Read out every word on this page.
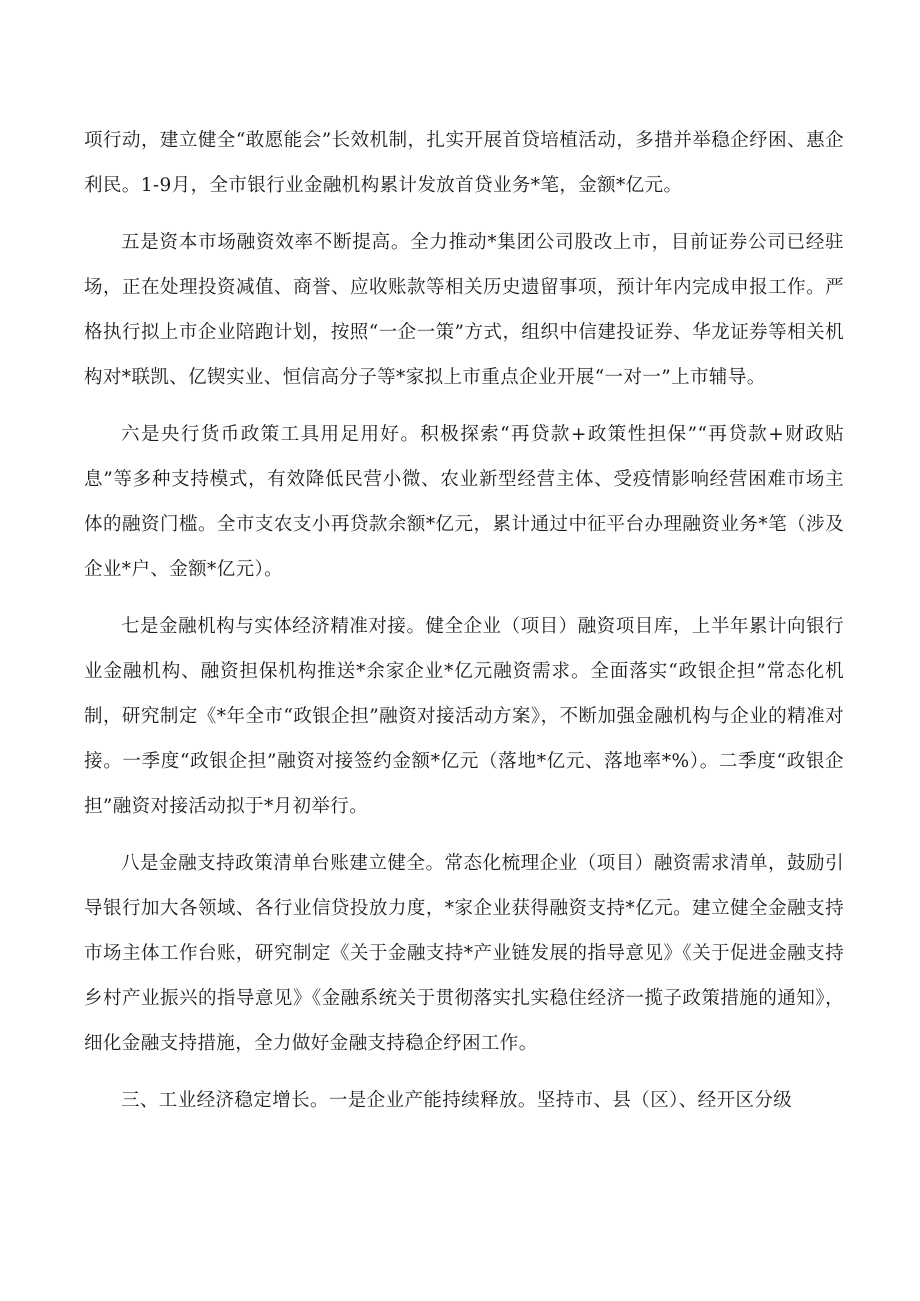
项行动，建立健全“敢愿能会”长效机制，扎实开展首贷培植活动，多措并举稳企纾困、惠企利民。1-9月，全市银行业金融机构累计发放首贷业务*笔，金额*亿元。

五是资本市场融资效率不断提高。全力推动*集团公司股改上市，目前证券公司已经驻场，正在处理投资减值、商誉、应收账款等相关历史遗留事项，预计年内完成申报工作。严格执行拟上市企业陪跑计划，按照“一企一策”方式，组织中信建投证券、华龙证券等相关机构对*联凯、亿锲实业、恒信高分子等*家拟上市重点企业开展“一对一”上市辅导。

六是央行货币政策工具用足用好。积极探索“再贷款+政策性担保”“再贷款+财政贴息”等多种支持模式，有效降低民营小微、农业新型经营主体、受疫情影响经营困难市场主体的融资门槛。全市支农支小再贷款余额*亿元，累计通过中征平台办理融资业务*笔（涉及企业*户、金额*亿元）。

七是金融机构与实体经济精准对接。健全企业（项目）融资项目库，上半年累计向银行业金融机构、融资担保机构推送*余家企业*亿元融资需求。全面落实“政银企担”常态化机制，研究制定《*年全市“政银企担”融资对接活动方案》，不断加强金融机构与企业的精准对接。一季度“政银企担”融资对接签约金额*亿元（落地*亿元、落地率*%）。二季度“政银企担”融资对接活动拟于*月初举行。

八是金融支持政策清单台账建立健全。常态化梳理企业（项目）融资需求清单，鼓励引导银行加大各领域、各行业信贷投放力度，*家企业获得融资支持*亿元。建立健全金融支持市场主体工作台账，研究制定《关于金融支持*产业链发展的指导意见》《关于促进金融支持乡村产业振兴的指导意见》《金融系统关于贯彻落实扎实稳住经济一揽子政策措施的通知》，细化金融支持措施，全力做好金融支持稳企纾困工作。

三、工业经济稳定增长。一是企业产能持续释放。坚持市、县（区）、经开区分级
